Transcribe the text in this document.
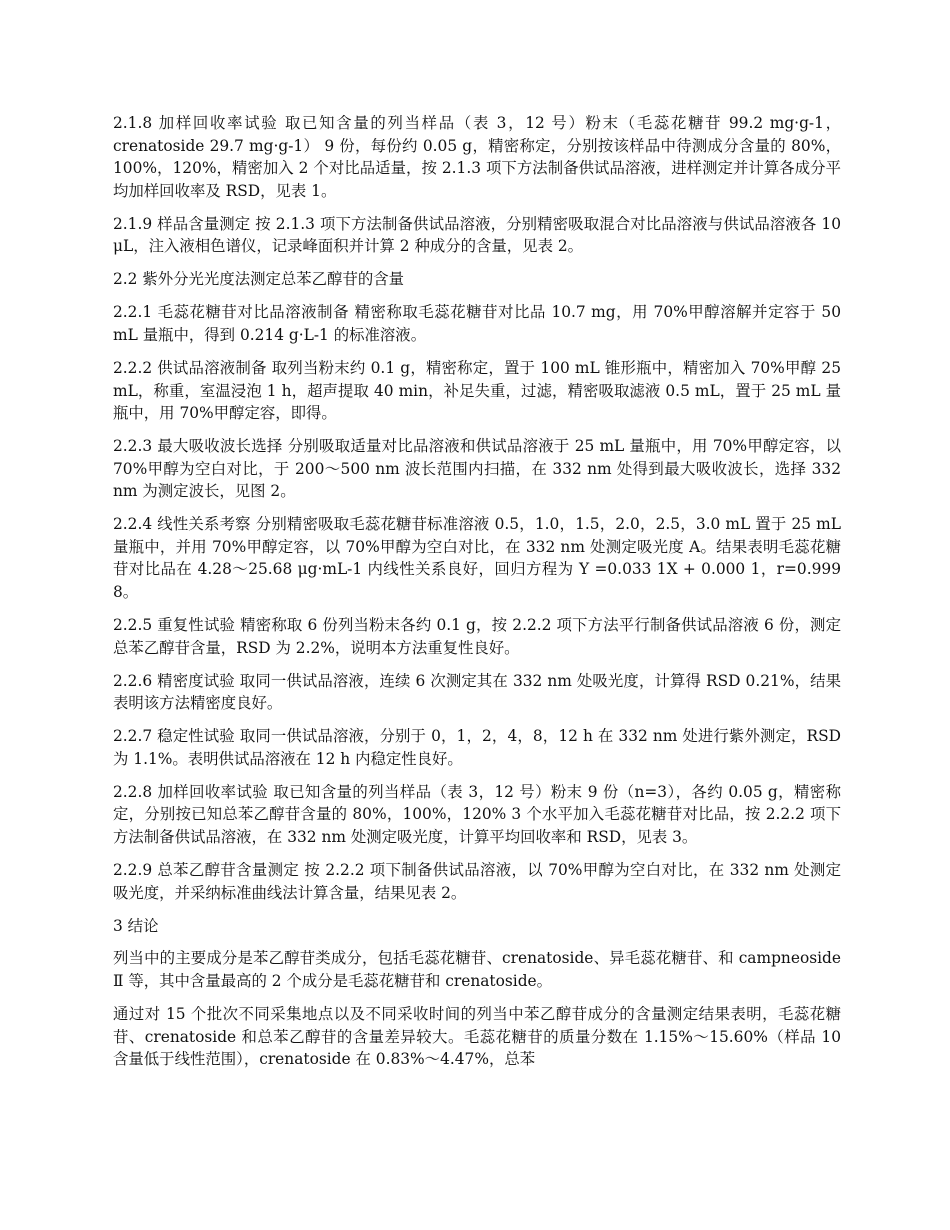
2.1.8 加样回收率试验 取已知含量的列当样品（表 3，12 号）粉末（毛蕊花糖苷 99.2 mg·g-1，crenatoside 29.7 mg·g-1） 9 份，每份约 0.05 g，精密称定，分别按该样品中待测成分含量的 80%，100%，120%，精密加入 2 个对比品适量，按 2.1.3 项下方法制备供试品溶液，进样测定并计算各成分平均加样回收率及 RSD，见表 1。

2.1.9 样品含量测定 按 2.1.3 项下方法制备供试品溶液，分别精密吸取混合对比品溶液与供试品溶液各 10 μL，注入液相色谱仪，记录峰面积并计算 2 种成分的含量，见表 2。

2.2 紫外分光光度法测定总苯乙醇苷的含量

2.2.1 毛蕊花糖苷对比品溶液制备 精密称取毛蕊花糖苷对比品 10.7 mg，用 70%甲醇溶解并定容于 50 mL 量瓶中，得到 0.214 g·L-1 的标准溶液。

2.2.2 供试品溶液制备 取列当粉末约 0.1 g，精密称定，置于 100 mL 锥形瓶中，精密加入 70%甲醇 25 mL，称重，室温浸泡 1 h，超声提取 40 min，补足失重，过滤，精密吸取滤液 0.5 mL，置于 25 mL 量瓶中，用 70%甲醇定容，即得。

2.2.3 最大吸收波长选择 分别吸取适量对比品溶液和供试品溶液于 25 mL 量瓶中，用 70%甲醇定容，以 70%甲醇为空白对比，于 200～500 nm 波长范围内扫描，在 332 nm 处得到最大吸收波长，选择 332 nm 为测定波长，见图 2。

2.2.4 线性关系考察 分别精密吸取毛蕊花糖苷标准溶液 0.5，1.0，1.5，2.0，2.5，3.0 mL 置于 25 mL 量瓶中，并用 70%甲醇定容，以 70%甲醇为空白对比，在 332 nm 处测定吸光度 A。结果表明毛蕊花糖苷对比品在 4.28～25.68 μg·mL-1 内线性关系良好，回归方程为 Y =0.033 1X + 0.000 1，r=0.999 8。

2.2.5 重复性试验 精密称取 6 份列当粉末各约 0.1 g，按 2.2.2 项下方法平行制备供试品溶液 6 份，测定总苯乙醇苷含量，RSD 为 2.2%，说明本方法重复性良好。

2.2.6 精密度试验 取同一供试品溶液，连续 6 次测定其在 332 nm 处吸光度，计算得 RSD 0.21%，结果表明该方法精密度良好。

2.2.7 稳定性试验 取同一供试品溶液，分别于 0，1，2，4，8，12 h 在 332 nm 处进行紫外测定，RSD 为 1.1%。表明供试品溶液在 12 h 内稳定性良好。

2.2.8 加样回收率试验 取已知含量的列当样品（表 3，12 号）粉末 9 份（n=3），各约 0.05 g，精密称定，分别按已知总苯乙醇苷含量的 80%，100%，120% 3 个水平加入毛蕊花糖苷对比品，按 2.2.2 项下方法制备供试品溶液，在 332 nm 处测定吸光度，计算平均回收率和 RSD，见表 3。

2.2.9 总苯乙醇苷含量测定 按 2.2.2 项下制备供试品溶液，以 70%甲醇为空白对比，在 332 nm 处测定吸光度，并采纳标准曲线法计算含量，结果见表 2。

3 结论

列当中的主要成分是苯乙醇苷类成分，包括毛蕊花糖苷、crenatoside、异毛蕊花糖苷、和 campneoside Ⅱ 等，其中含量最高的 2 个成分是毛蕊花糖苷和 crenatoside。

通过对 15 个批次不同采集地点以及不同采收时间的列当中苯乙醇苷成分的含量测定结果表明，毛蕊花糖苷、crenatoside 和总苯乙醇苷的含量差异较大。毛蕊花糖苷的质量分数在 1.15%～15.60%（样品 10 含量低于线性范围），crenatoside 在 0.83%～4.47%，总苯
